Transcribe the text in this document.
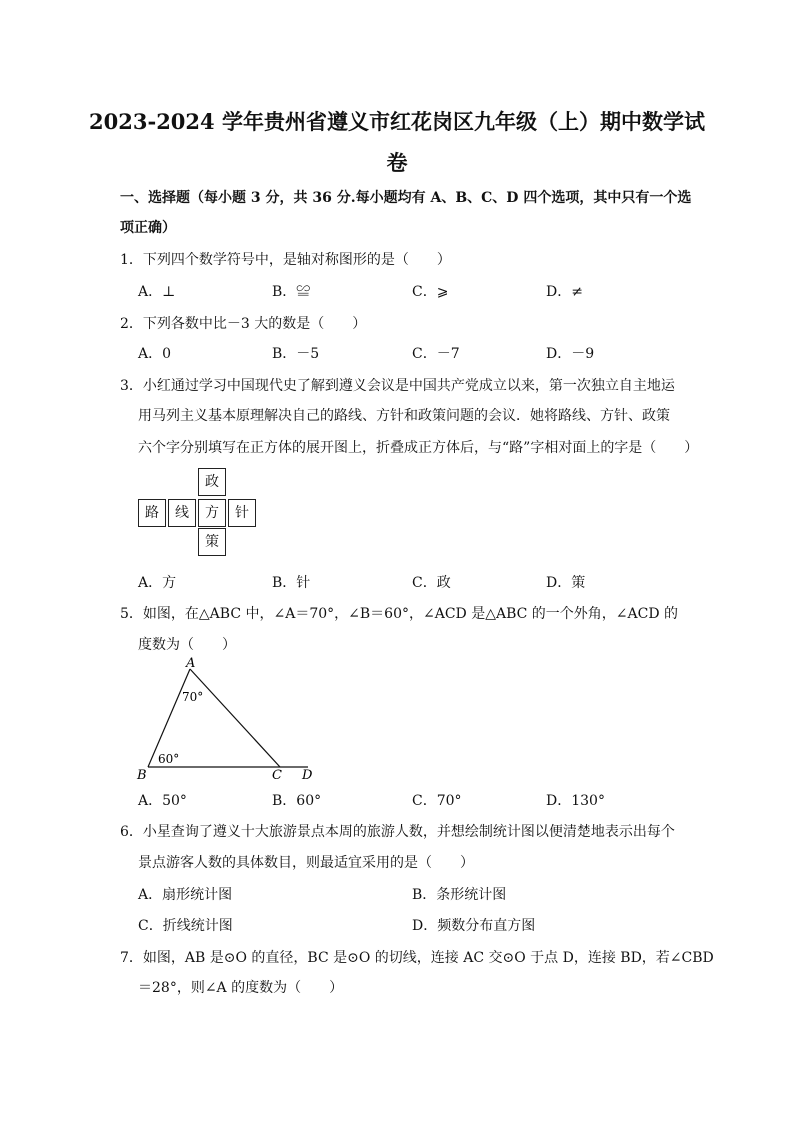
2023-2024 学年贵州省遵义市红花岗区九年级（上）期中数学试
卷
一、选择题（每小题 3 分，共 36 分.每小题均有 A、B、C、D 四个选项，其中只有一个选
项正确）
1．下列四个数学符号中，是轴对称图形的是（　　）
A．⊥	B．≌	C．⩾	D．≠
2．下列各数中比－3 大的数是（　　）
A．0	B．－5	C．－7	D．－9
3．小红通过学习中国现代史了解到遵义会议是中国共产党成立以来，第一次独立自主地运
用马列主义基本原理解决自己的路线、方针和政策问题的会议．她将路线、方针、政策
六个字分别填写在正方体的展开图上，折叠成正方体后，与“路”字相对面上的字是（　　）
政
路	线	方	针
策
A．方	B．针	C．政	D．策
5．如图，在△ABC 中，∠A＝70°，∠B＝60°，∠ACD 是△ABC 的一个外角，∠ACD 的
度数为（　　）
A
B	C D
70°
60°
A．50°	B．60°	C．70°	D．130°
6．小星查询了遵义十大旅游景点本周的旅游人数，并想绘制统计图以便清楚地表示出每个
景点游客人数的具体数目，则最适宜采用的是（　　）
A．扇形统计图	B．条形统计图
C．折线统计图	D．频数分布直方图
7．如图，AB 是⊙O 的直径，BC 是⊙O 的切线，连接 AC 交⊙O 于点 D，连接 BD，若∠CBD
＝28°，则∠A 的度数为（　　）
